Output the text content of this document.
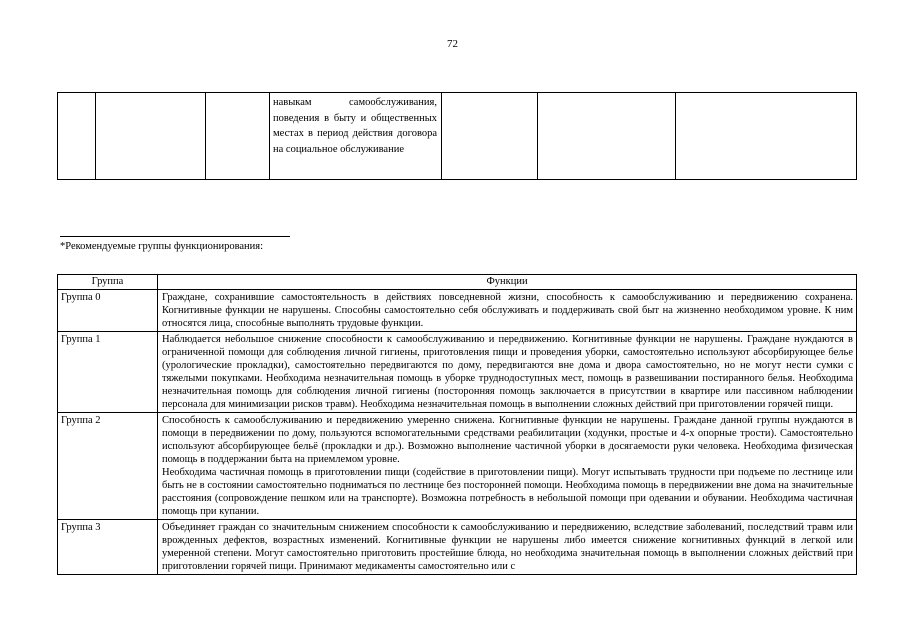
72
			навыкам самообслуживания, поведения в быту и общественных местах в период действия договора на социальное обслуживание			
*Рекомендуемые группы функционирования:
Группа	Функции
Группа 0	Граждане, сохранившие самостоятельность в действиях повседневной жизни, способность к самообслуживанию и передвижению сохранена. Когнитивные функции не нарушены. Способны самостоятельно себя обслуживать и поддерживать свой быт на жизненно необходимом уровне. К ним относятся лица, способные выполнять трудовые функции.

Группа 1	Наблюдается небольшое снижение способности к самообслуживанию и передвижению. Когнитивные функции не нарушены. Граждане нуждаются в ограниченной помощи для соблюдения личной гигиены, приготовления пищи и проведения уборки, самостоятельно используют абсорбирующее белье (урологические прокладки), самостоятельно передвигаются по дому, передвигаются вне дома и двора самостоятельно, но не могут нести сумки с тяжелыми покупками. Необходима незначительная помощь в уборке труднодоступных мест, помощь в развешивании постиранного белья. Необходима незначительная помощь для соблюдения личной гигиены (посторонняя помощь заключается в присутствии в квартире или пассивном наблюдении персонала для минимизации рисков травм). Необходима незначительная помощь в выполнении сложных действий при приготовлении горячей пищи.

Группа 2	Способность к самообслуживанию и передвижению умеренно снижена. Когнитивные функции не нарушены. Граждане данной группы нуждаются в помощи в передвижении по дому, пользуются вспомогательными средствами реабилитации (ходунки, простые и 4-х опорные трости). Самостоятельно используют абсорбирующее бельё (прокладки и др.). Возможно выполнение частичной уборки в досягаемости руки человека. Необходима физическая помощь в поддержании быта на приемлемом уровне.

Необходима частичная помощь в приготовлении пищи (содействие в приготовлении пищи). Могут испытывать трудности при подъеме по лестнице или быть не в состоянии самостоятельно подниматься по лестнице без посторонней помощи. Необходима помощь в передвижении вне дома на значительные расстояния (сопровождение пешком или на транспорте). Возможна потребность в небольшой помощи при одевании и обувании. Необходима частичная помощь при купании.

Группа 3	Объединяет граждан со значительным снижением способности к самообслуживанию и передвижению, вследствие заболеваний, последствий травм или врожденных дефектов, возрастных изменений. Когнитивные функции не нарушены либо имеется снижение когнитивных функций в легкой или умеренной степени. Могут самостоятельно приготовить простейшие блюда, но необходима значительная помощь в выполнении сложных действий при приготовлении горячей пищи. Принимают медикаменты самостоятельно или с
